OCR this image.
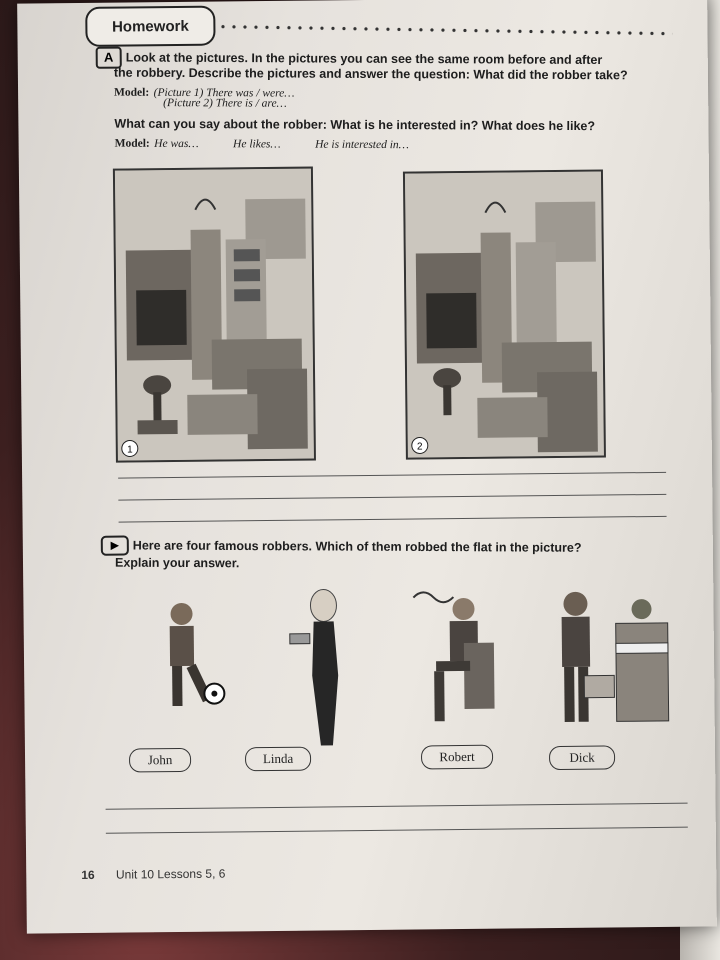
Homework
A Look at the pictures. In the pictures you can see the same room before and after
the robbery. Describe the pictures and answer the question: What did the robber take?
Model: (Picture 1) There was / were…
(Picture 2) There is / are…
What can you say about the robber: What is he interested in? What does he like?
Model: He was…	He likes…	He is interested in…
1	2
▶	Here are four famous robbers. Which of them robbed the flat in the picture?
Explain your answer.
John	Linda	Robert	Dick
16 Unit 10 Lessons 5, 6
